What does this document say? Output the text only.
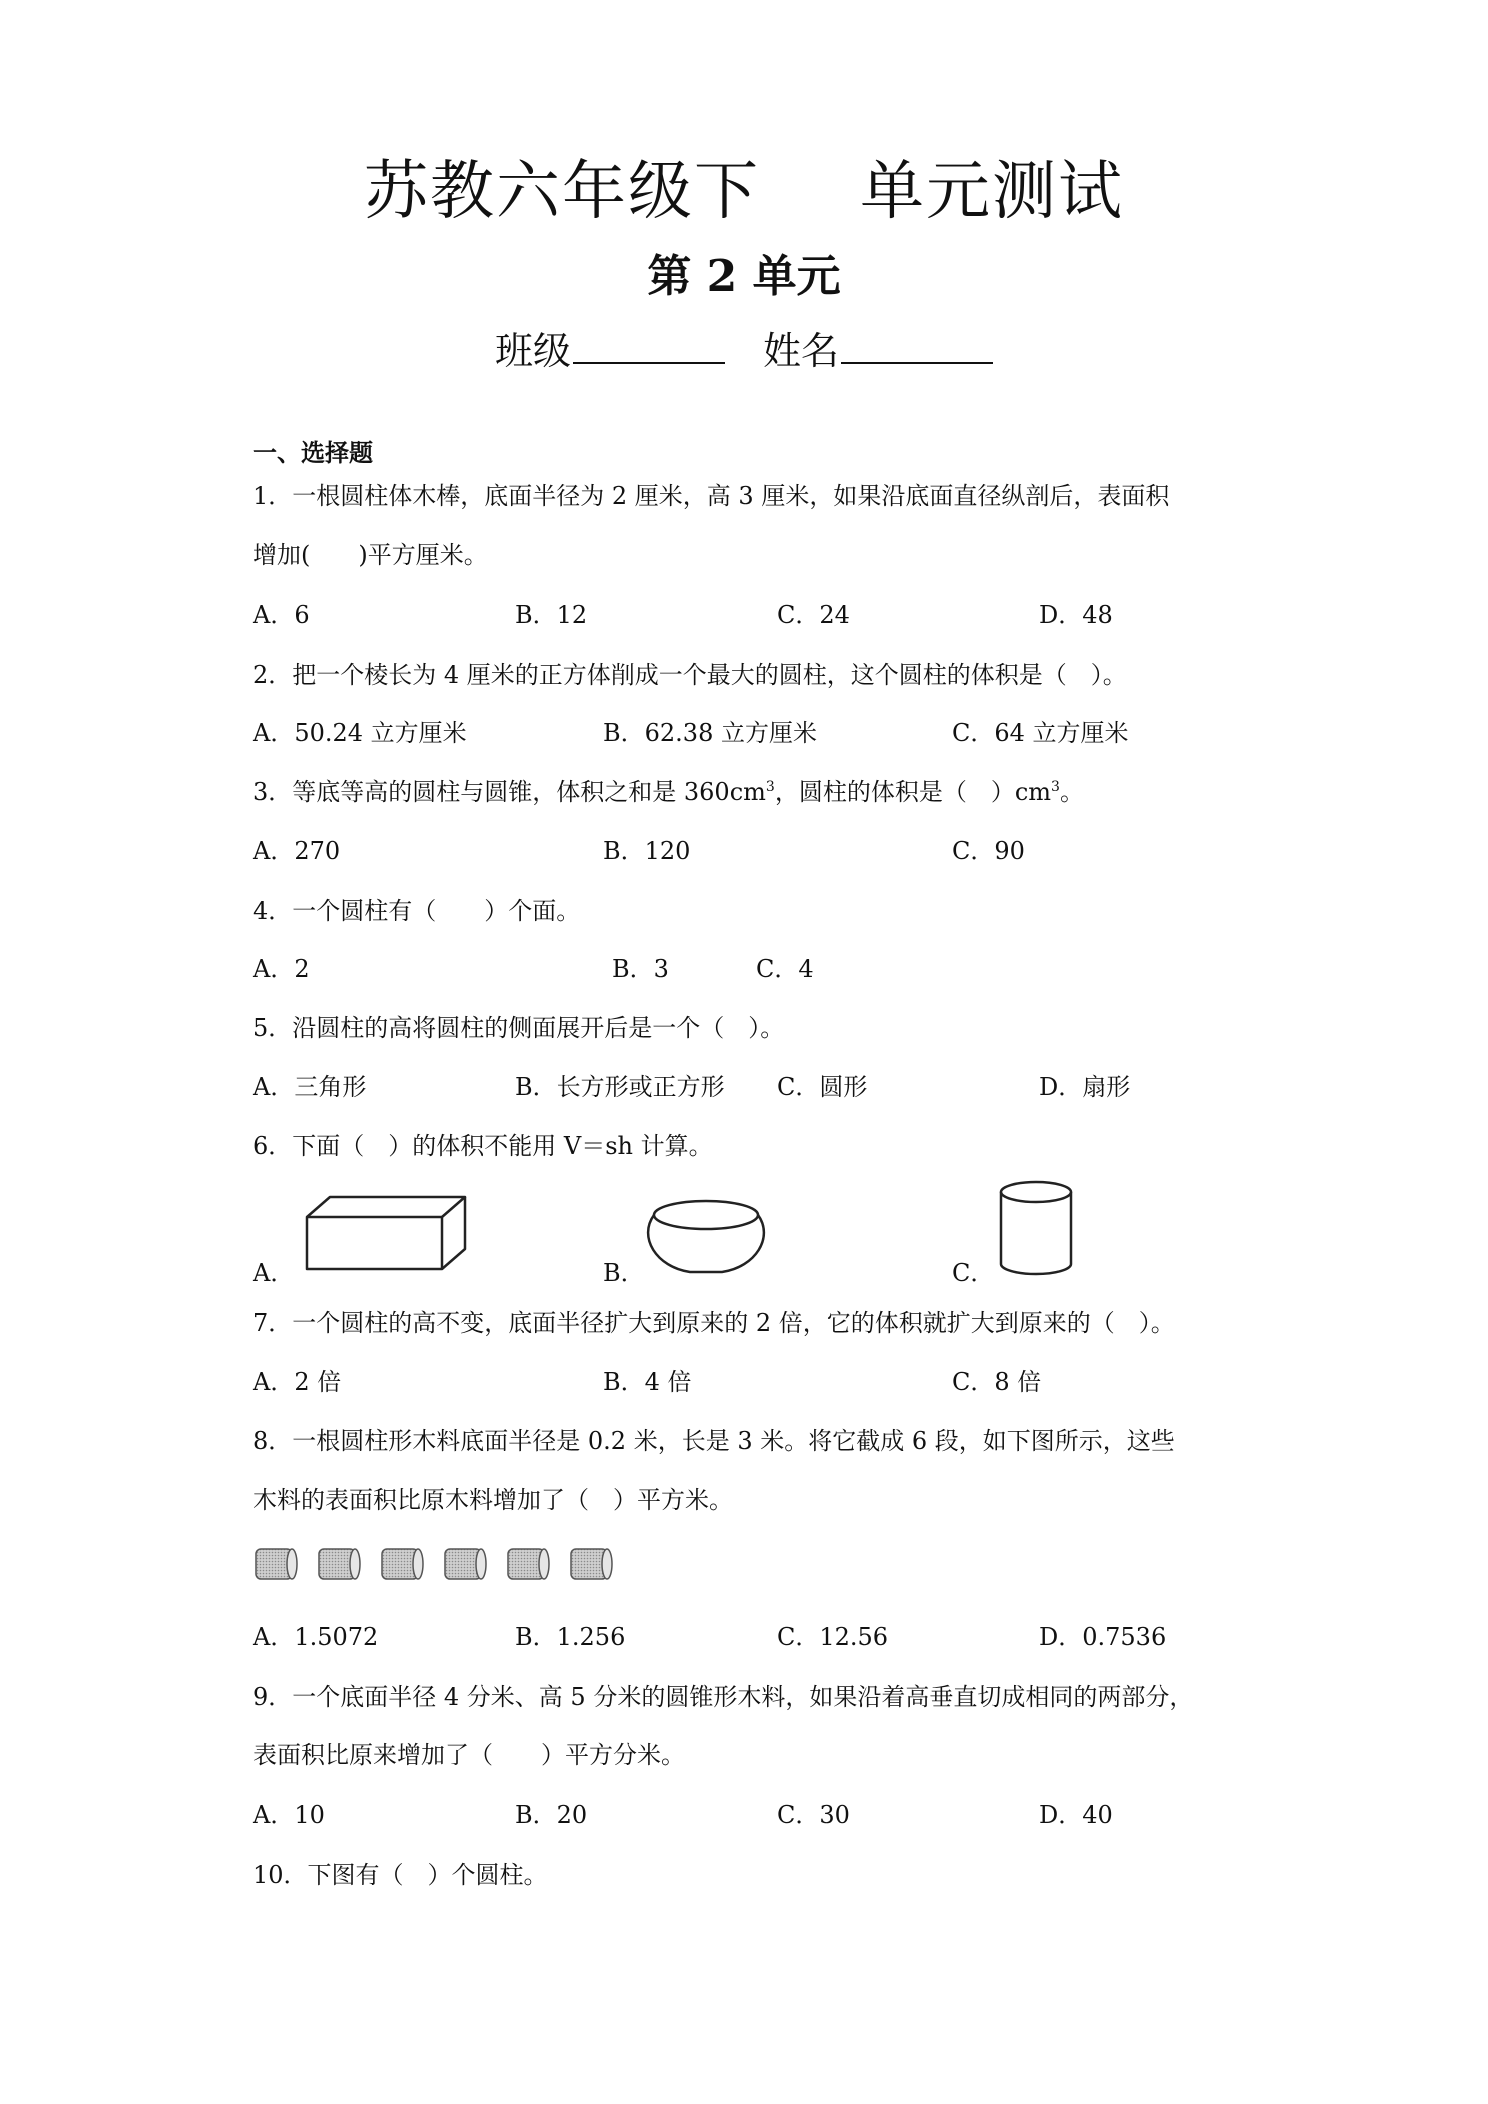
苏教六年级下 单元测试
第 2 单元
班级	姓名
一、选择题
1．一根圆柱体木棒，底面半径为 2 厘米，高 3 厘米，如果沿底面直径纵剖后，表面积
增加(　　)平方厘米。
A．6	B．12	C．24	D．48
2．把一个棱长为 4 厘米的正方体削成一个最大的圆柱，这个圆柱的体积是（　）。
A．50.24 立方厘米	B．62.38 立方厘米	C．64 立方厘米
3．等底等高的圆柱与圆锥，体积之和是 $360cm^3$，圆柱的体积是（　）$cm^3$。
A．270	B．120	C．90
4．一个圆柱有（　　）个面。
A．2	B．3	C．4
5．沿圆柱的高将圆柱的侧面展开后是一个（　）。
A．三角形	B．长方形或正方形 C．圆形	D．扇形
6．下面（　）的体积不能用 V＝sh 计算。
A．	B．	C．
7．一个圆柱的高不变，底面半径扩大到原来的 2 倍，它的体积就扩大到原来的（　）。
A．2 倍	B．4 倍	C．8 倍
8．一根圆柱形木料底面半径是 0.2 米，长是 3 米。将它截成 6 段，如下图所示，这些
木料的表面积比原木料增加了（　）平方米。
A．1.5072	B．1.256	C．12.56	D．0.7536
9．一个底面半径 4 分米、高 5 分米的圆锥形木料，如果沿着高垂直切成相同的两部分，
表面积比原来增加了（　　）平方分米。
A．10	B．20	C．30	D．40
10．下图有（　）个圆柱。
